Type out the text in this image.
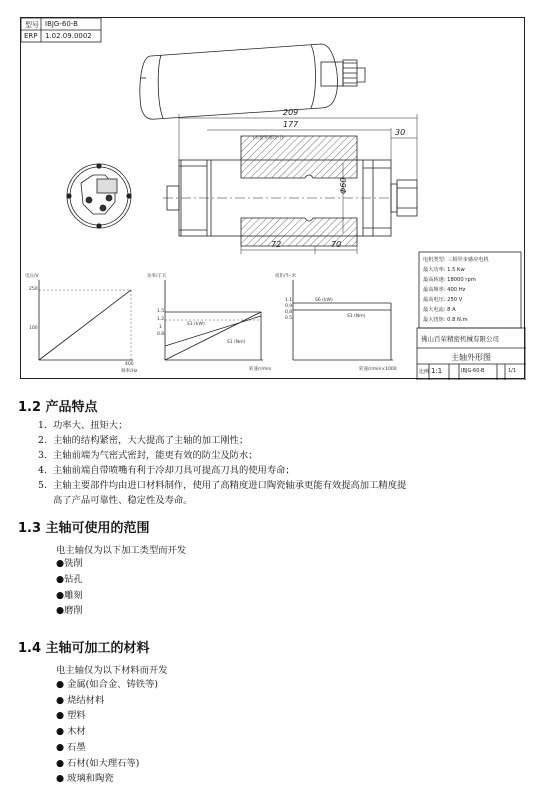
型号 IBJG-60-B
ERP 1.02.09.0002
209
177
30
(水套外部尺寸)
Φ60
72	70
电机类型: 三相异步感应电机
最大功率: 1.5 Kw
最高转速: 18000 rpm
最高频率: 400 Hz
最高电压: 250 V
最大电流: 8 A
最大扭矩: 0.8 N.m
佛山百荣精密机械有限公司
主轴外形图
比例 1:1	IBJG-60-B	1/1
电压/V
250
100
400
频率/Hz
功率/千瓦
1.5
1.2
1
0.8
S1 (kW)
S1 (Nm)
转速/r/min
扭矩/牛·米
1.1
0.9
0.8
0.5
S6 (kW)
S1 (Nm)
转速/r/min×1000
1.2 产品特点
1. 功率大、扭矩大；
2. 主轴的结构紧密，大大提高了主轴的加工刚性；
3. 主轴前端为气密式密封，能更有效的防尘及防水；
4. 主轴前端自带喷嘴有利于冷却刀具可提高刀具的使用寿命；
5. 主轴主要部件均由进口材料制作，使用了高精度进口陶瓷轴承更能有效提高加工精度提
高了产品可靠性、稳定性及寿命。
1.3 主轴可使用的范围
电主轴仅为以下加工类型而开发
●铣削
●钻孔
●雕刻
●磨削
1.4 主轴可加工的材料
电主轴仅为以下材料而开发
● 金属(如合金、铸铁等)
● 烧结材料
● 塑料
● 木材
● 石墨
● 石材(如大理石等)
● 玻璃和陶瓷
